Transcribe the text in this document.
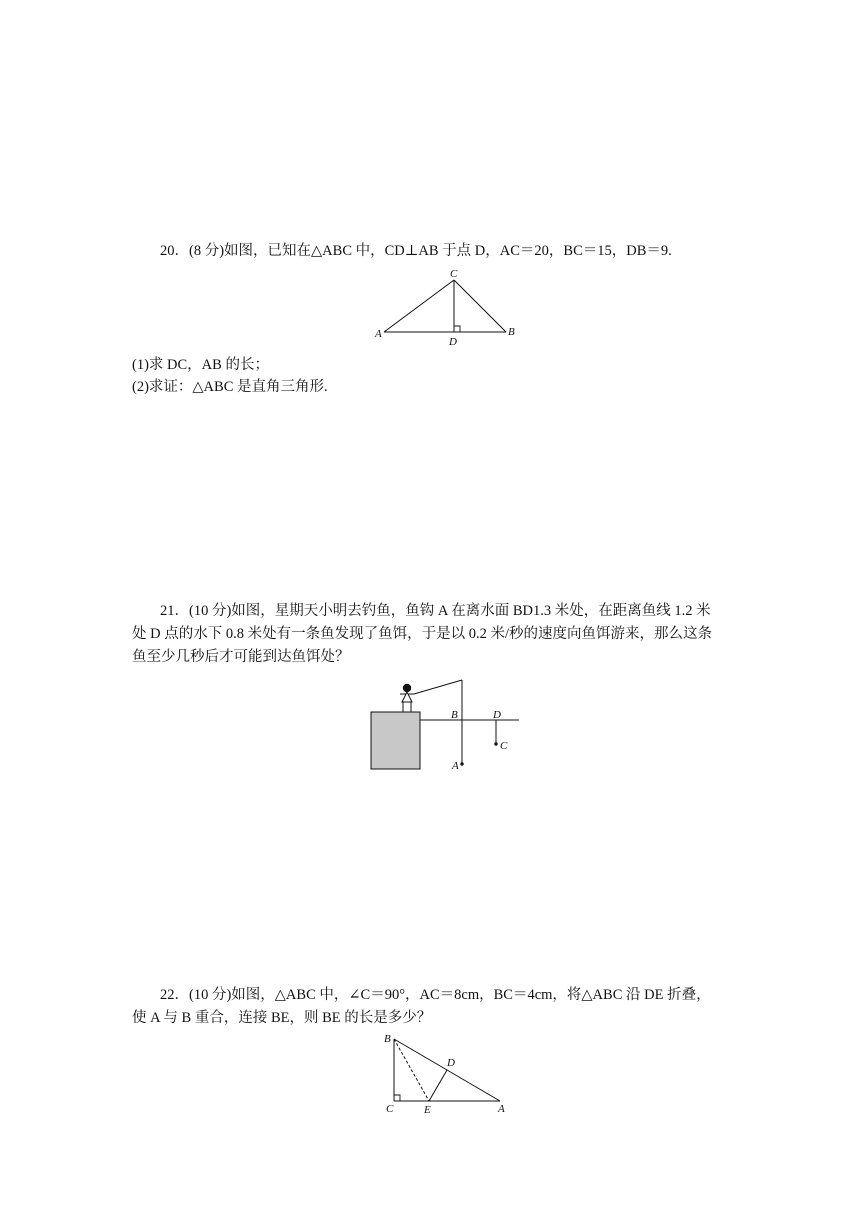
20．(8 分)如图，已知在△ABC 中，CD⊥AB 于点 D，AC＝20，BC＝15，DB＝9.
C
A	B
D
(1)求 DC，AB 的长；
(2)求证：△ABC 是直角三角形.
21．(10 分)如图，星期天小明去钓鱼，鱼钩 A 在离水面 BD1.3 米处，在距离鱼线 1.2 米
处 D 点的水下 0.8 米处有一条鱼发现了鱼饵，于是以 0.2 米/秒的速度向鱼饵游来，那么这条
鱼至少几秒后才可能到达鱼饵处？
B	D
C
A
22．(10 分)如图，△ABC 中，∠C＝90°，AC＝8cm，BC＝4cm，将△ABC 沿 DE 折叠，
使 A 与 B 重合，连接 BE，则 BE 的长是多少？
B
D
C	E	A
